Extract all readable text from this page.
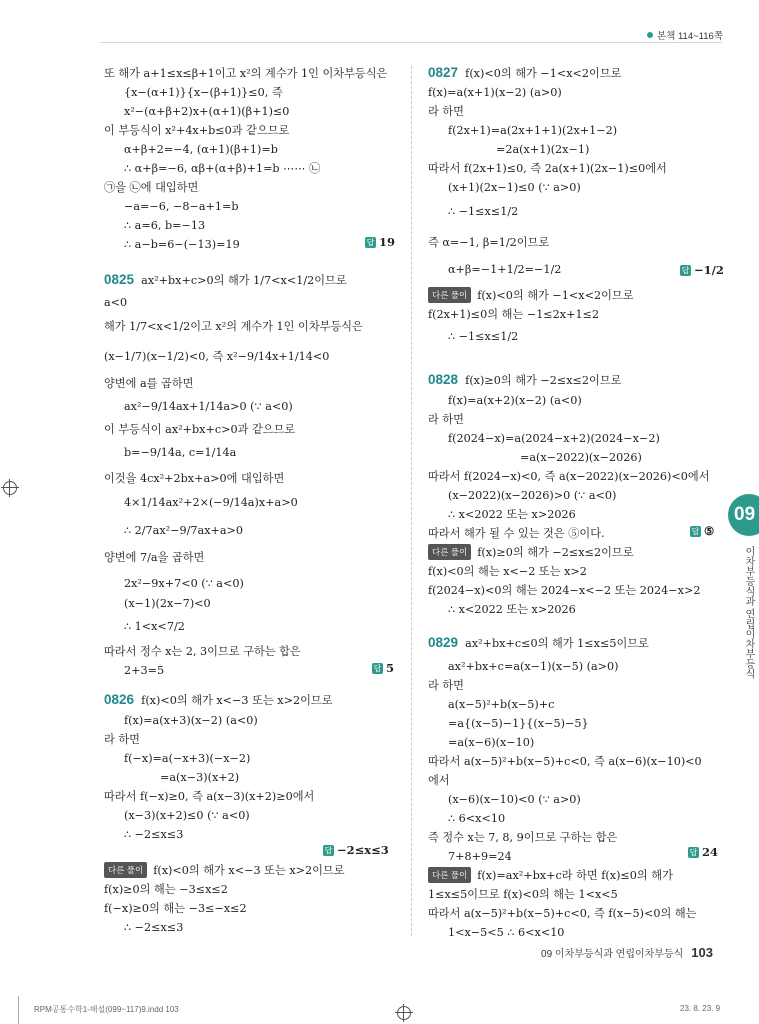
본책 114~116쪽
또 해가 a+1≤x≤β+1이고 x²의 계수가 1인 이차부등식은
{x−(α+1)}{x−(β+1)}≤0, 즉
x²−(α+β+2)x+(α+1)(β+1)≤0
이 부등식이 x²+4x+b≤0과 같으므로
α+β+2=−4, (α+1)(β+1)=b
∴ α+β=−6, αβ+(α+β)+1=b ⋯⋯ ㉡
㉠을 ㉡에 대입하면
−a=−6, −8−a+1=b
∴ a=6, b=−13
∴ a−b=6−(−13)=19
a<0
해가 1/7<x<1/2이고 x²의 계수가 1인 이차부등식은
(x−1/7)(x−1/2)<0, 즉 x²−9/14x+1/14<0
양변에 a를 곱하면
ax²−9/14ax+1/14a>0 (∵ a<0)
이 부등식이 ax²+bx+c>0과 같으므로
b=−9/14a, c=1/14a
이것을 4cx²+2bx+a>0에 대입하면
4×1/14ax²+2×(−9/14a)x+a>0
∴ 2/7ax²−9/7ax+a>0
양변에 7/a을 곱하면
2x²−9x+7<0 (∵ a<0)
(x−1)(2x−7)<0
∴ 1<x<7/2
따라서 정수 x는 2, 3이므로 구하는 합은
2+3=5
f(x)=a(x+3)(x−2) (a<0)
라 하면
f(−x)=a(−x+3)(−x−2)
=a(x−3)(x+2)
따라서 f(−x)≥0, 즉 a(x−3)(x+2)≥0에서
(x−3)(x+2)≤0 (∵ a<0)
∴ −2≤x≤3
f(x)≥0의 해는 −3≤x≤2
f(−x)≥0의 해는 −3≤−x≤2
∴ −2≤x≤3
f(x)=a(x+1)(x−2) (a>0)
라 하면
f(2x+1)=a(2x+1+1)(2x+1−2)
=2a(x+1)(2x−1)
따라서 f(2x+1)≤0, 즉 2a(x+1)(2x−1)≤0에서
(x+1)(2x−1)≤0 (∵ a>0)
∴ −1≤x≤1/2
즉 α=−1, β=1/2이므로
α+β=−1+1/2=−1/2
f(2x+1)≤0의 해는 −1≤2x+1≤2
∴ −1≤x≤1/2
f(x)=a(x+2)(x−2) (a<0)
라 하면
f(2024−x)=a(2024−x+2)(2024−x−2)
=a(x−2022)(x−2026)
따라서 f(2024−x)<0, 즉 a(x−2022)(x−2026)<0에서
(x−2022)(x−2026)>0 (∵ a<0)
∴ x<2022 또는 x>2026
따라서 해가 될 수 있는 것은 ⑤이다.
f(x)<0의 해는 x<−2 또는 x>2
f(2024−x)<0의 해는 2024−x<−2 또는 2024−x>2
∴ x<2022 또는 x>2026
ax²+bx+c=a(x−1)(x−5) (a>0)
라 하면
a(x−5)²+b(x−5)+c
=a{(x−5)−1}{(x−5)−5}
=a(x−6)(x−10)
따라서 a(x−5)²+b(x−5)+c<0, 즉 a(x−6)(x−10)<0
에서
(x−6)(x−10)<0 (∵ a>0)
∴ 6<x<10
즉 정수 x는 7, 8, 9이므로 구하는 합은
7+8+9=24
1≤x≤5이므로 f(x)<0의 해는 1<x<5
따라서 a(x−5)²+b(x−5)+c<0, 즉 f(x−5)<0의 해는
1<x−5<5 ∴ 6<x<10
0825 ax²+bx+c>0의 해가 1/7<x<1/2이므로
0826 f(x)<0의 해가 x<−3 또는 x>2이므로
0827 f(x)<0의 해가 −1<x<2이므로
0828 f(x)≥0의 해가 −2≤x≤2이므로
0829 ax²+bx+c≤0의 해가 1≤x≤5이므로
다른 풀이 f(x)<0의 해가 x<−3 또는 x>2이므로
다른 풀이 f(x)<0의 해가 −1<x<2이므로
다른 풀이 f(x)≥0의 해가 −2≤x≤2이므로
다른 풀이 f(x)=ax²+bx+c라 하면 f(x)≤0의 해가
답 19
답 5
답 −2≤x≤3
답 −1/2
답 ⑤
답 24
09
이차부등식과 연립이차부등식
09 이차부등식과 연립이차부등식 103
RPM공통수학1-해설(099~117)9.indd 103	23. 8. 23. 9
